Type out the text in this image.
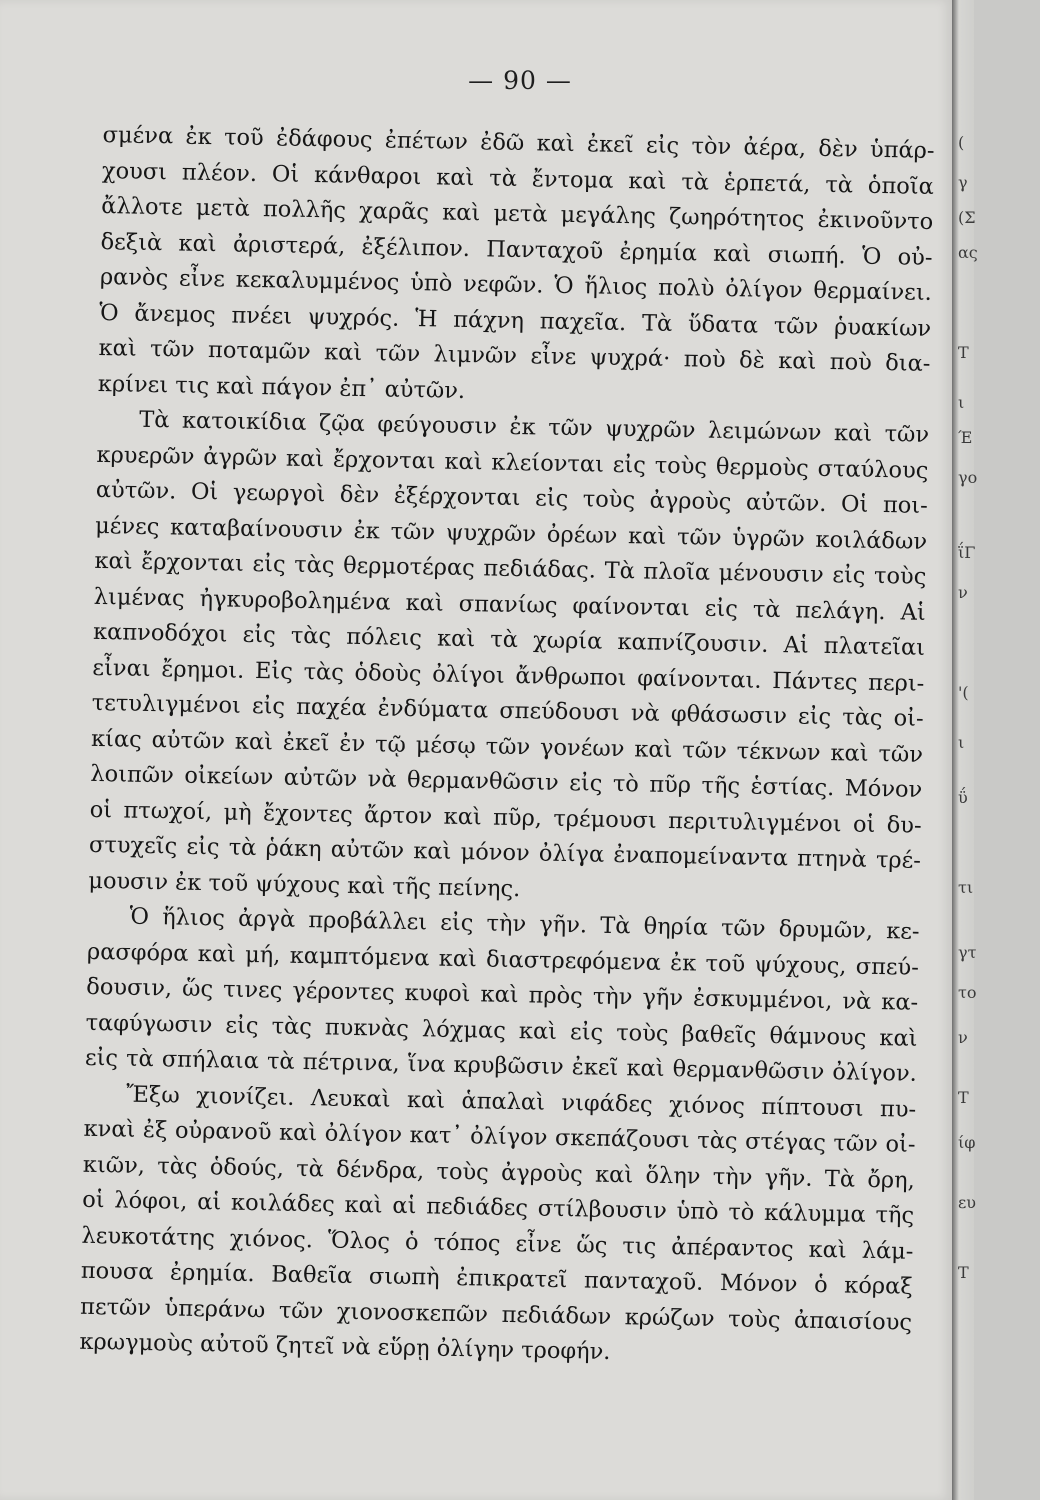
— 90 —
σμένα ἐκ τοῦ ἐδάφους ἐπέτων ἐδῶ καὶ ἐκεῖ εἰς τὸν ἀέρα, δὲν ὑπάρ-
χουσι πλέον. Οἱ κάνθαροι καὶ τὰ ἔντομα καὶ τὰ ἑρπετά, τὰ ὁποῖα
ἄλλοτε μετὰ πολλῆς χαρᾶς καὶ μετὰ μεγάλης ζωηρότητος ἐκινοῦντο
δεξιὰ καὶ ἀριστερά, ἐξέλιπον. Πανταχοῦ ἐρημία καὶ σιωπή. Ὁ οὐ-
ρανὸς εἶνε κεκαλυμμένος ὑπὸ νεφῶν. Ὁ ἥλιος πολὺ ὀλίγον θερμαίνει.
Ὁ ἄνεμος πνέει ψυχρός. Ἡ πάχνη παχεῖα. Τὰ ὕδατα τῶν ῥυακίων
καὶ τῶν ποταμῶν καὶ τῶν λιμνῶν εἶνε ψυχρά· ποὺ δὲ καὶ ποὺ δια-
κρίνει τις καὶ πάγον ἐπ᾽ αὐτῶν.
Τὰ κατοικίδια ζῷα φεύγουσιν ἐκ τῶν ψυχρῶν λειμώνων καὶ τῶν
κρυερῶν ἀγρῶν καὶ ἔρχονται καὶ κλείονται εἰς τοὺς θερμοὺς σταύλους
αὐτῶν. Οἱ γεωργοὶ δὲν ἐξέρχονται εἰς τοὺς ἀγροὺς αὐτῶν. Οἱ ποι-
μένες καταβαίνουσιν ἐκ τῶν ψυχρῶν ὀρέων καὶ τῶν ὑγρῶν κοιλάδων
καὶ ἔρχονται εἰς τὰς θερμοτέρας πεδιάδας. Τὰ πλοῖα μένουσιν εἰς τοὺς
λιμένας ἠγκυροβολημένα καὶ σπανίως φαίνονται εἰς τὰ πελάγη. Αἱ
καπνοδόχοι εἰς τὰς πόλεις καὶ τὰ χωρία καπνίζουσιν. Αἱ πλατεῖαι
εἶναι ἔρημοι. Εἰς τὰς ὁδοὺς ὀλίγοι ἄνθρωποι φαίνονται. Πάντες περι-
τετυλιγμένοι εἰς παχέα ἐνδύματα σπεύδουσι νὰ φθάσωσιν εἰς τὰς οἰ-
κίας αὐτῶν καὶ ἐκεῖ ἐν τῷ μέσῳ τῶν γονέων καὶ τῶν τέκνων καὶ τῶν
λοιπῶν οἰκείων αὐτῶν νὰ θερμανθῶσιν εἰς τὸ πῦρ τῆς ἑστίας. Μόνον
οἱ πτωχοί, μὴ ἔχοντες ἄρτον καὶ πῦρ, τρέμουσι περιτυλιγμένοι οἱ δυ-
στυχεῖς εἰς τὰ ῥάκη αὐτῶν καὶ μόνον ὀλίγα ἐναπομείναντα πτηνὰ τρέ-
μουσιν ἐκ τοῦ ψύχους καὶ τῆς πείνης.
Ὁ ἥλιος ἀργὰ προβάλλει εἰς τὴν γῆν. Τὰ θηρία τῶν δρυμῶν, κε-
ρασφόρα καὶ μή, καμπτόμενα καὶ διαστρεφόμενα ἐκ τοῦ ψύχους, σπεύ-
δουσιν, ὥς τινες γέροντες κυφοὶ καὶ πρὸς τὴν γῆν ἐσκυμμένοι, νὰ κα-
ταφύγωσιν εἰς τὰς πυκνὰς λόχμας καὶ εἰς τοὺς βαθεῖς θάμνους καὶ
εἰς τὰ σπήλαια τὰ πέτρινα, ἵνα κρυβῶσιν ἐκεῖ καὶ θερμανθῶσιν ὀλίγον.
Ἔξω χιονίζει. Λευκαὶ καὶ ἁπαλαὶ νιφάδες χιόνος πίπτουσι πυ-
κναὶ ἐξ οὐρανοῦ καὶ ὀλίγον κατ᾽ ὀλίγον σκεπάζουσι τὰς στέγας τῶν οἰ-
κιῶν, τὰς ὁδούς, τὰ δένδρα, τοὺς ἀγροὺς καὶ ὅλην τὴν γῆν. Τὰ ὄρη,
οἱ λόφοι, αἱ κοιλάδες καὶ αἱ πεδιάδες στίλβουσιν ὑπὸ τὸ κάλυμμα τῆς
λευκοτάτης χιόνος. Ὅλος ὁ τόπος εἶνε ὥς τις ἀπέραντος καὶ λάμ-
πουσα ἐρημία. Βαθεῖα σιωπὴ ἐπικρατεῖ πανταχοῦ. Μόνον ὁ κόραξ
πετῶν ὑπεράνω τῶν χιονοσκεπῶν πεδιάδων κρώζων τοὺς ἀπαισίους
κρωγμοὺς αὐτοῦ ζητεῖ νὰ εὕρῃ ὀλίγην τροφήν.
(
γ
(Σ
ας
T
ι
Έ
γο
ΐΓ
ν
'(
ι
ΰ
τι
γτ
το
ν
Τ
ίφ
ευ
Τ
